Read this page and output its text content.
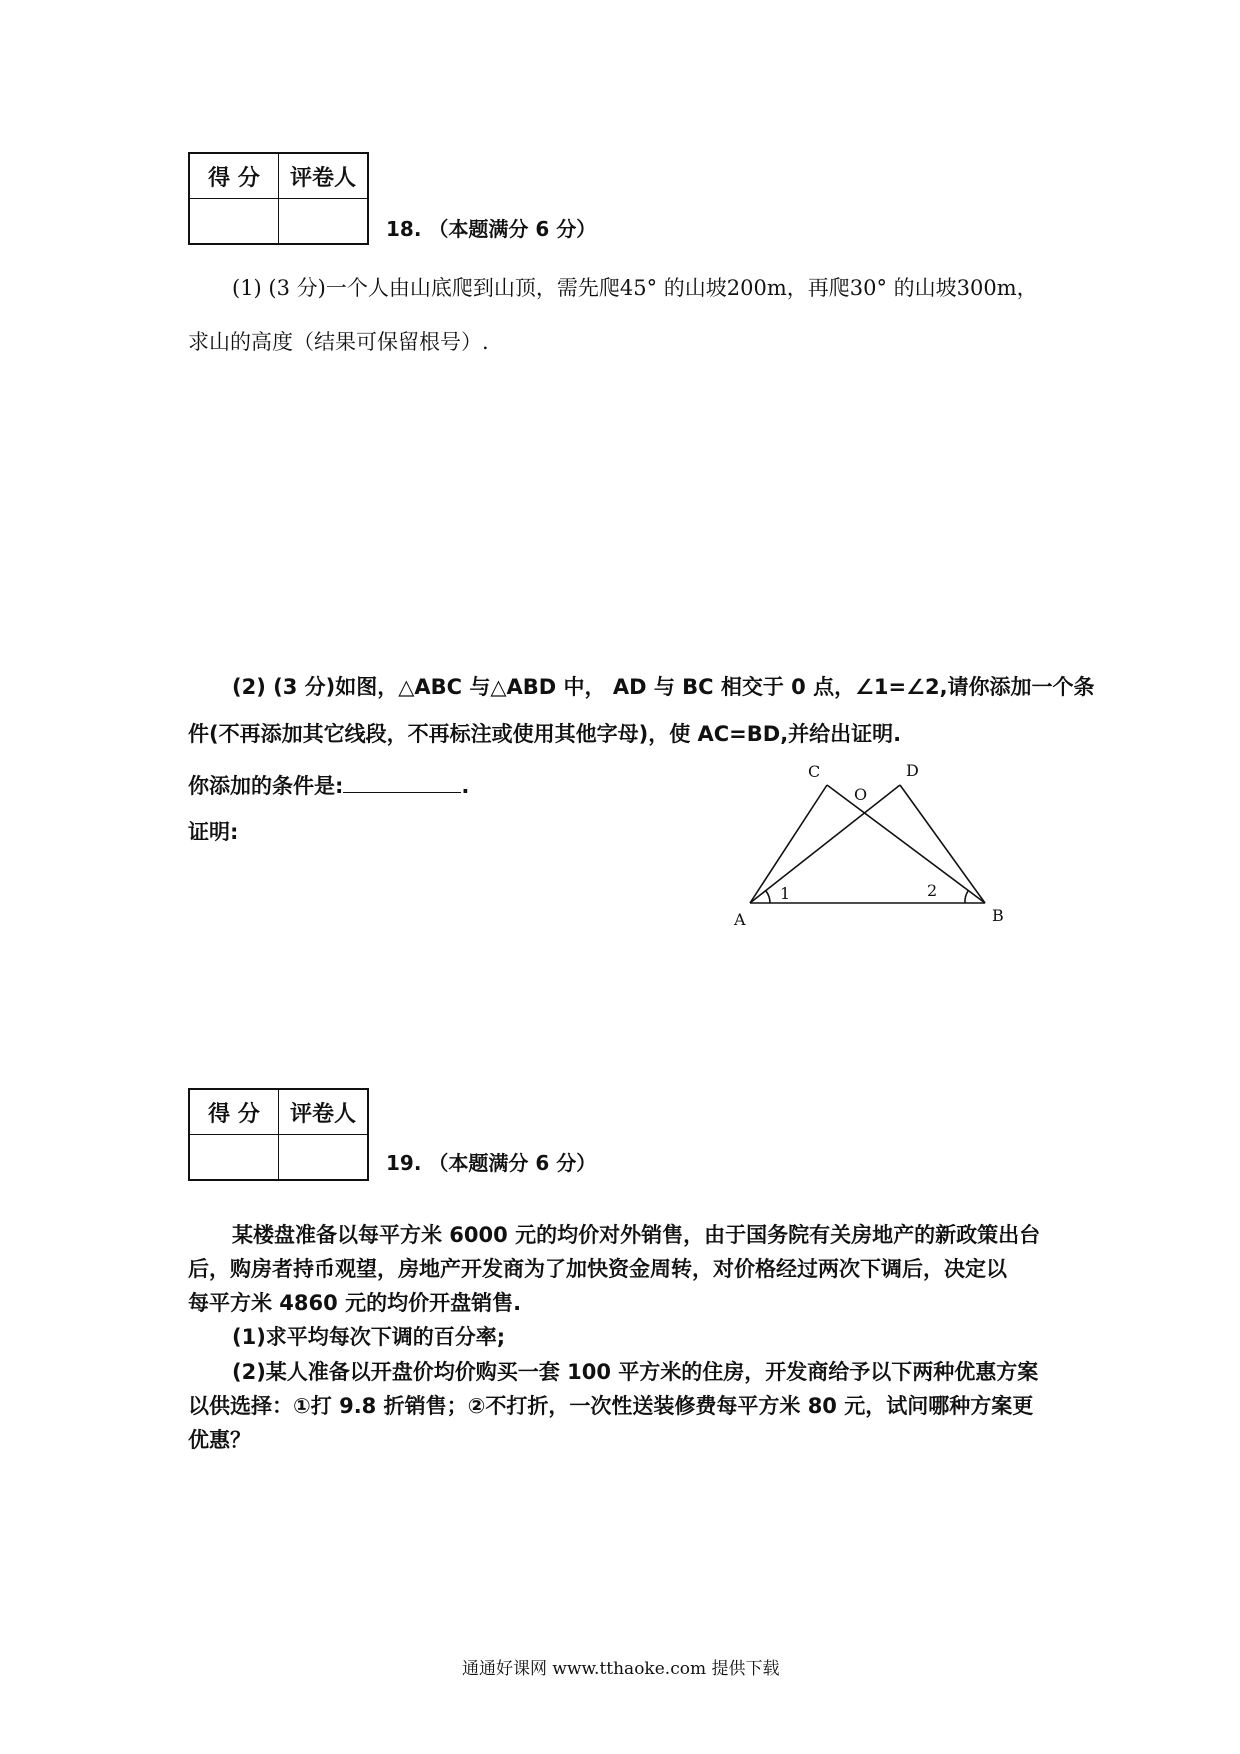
得 分	评卷人

18. （本题满分 6 分）
(1) (3 分)一个人由山底爬到山顶，需先爬45° 的山坡200m，再爬30° 的山坡300m，
求山的高度（结果可保留根号）.
(2) (3 分)如图，△ABC 与△ABD 中， AD 与 BC 相交于 0 点，∠1=∠2,请你添加一个条
件(不再添加其它线段，不再标注或使用其他字母)，使 AC=BD,并给出证明.
你添加的条件是:	.
证明:
C	D
O
A	B
1	2
得 分	评卷人

19. （本题满分 6 分）
某楼盘准备以每平方米 6000 元的均价对外销售，由于国务院有关房地产的新政策出台
后，购房者持币观望，房地产开发商为了加快资金周转，对价格经过两次下调后，决定以
每平方米 4860 元的均价开盘销售.
(1)求平均每次下调的百分率;
(2)某人准备以开盘价均价购买一套 100 平方米的住房，开发商给予以下两种优惠方案
以供选择：①打 9.8 折销售；②不打折，一次性送装修费每平方米 80 元，试问哪种方案更
优惠？
通通好课网 www.tthaoke.com 提供下载
